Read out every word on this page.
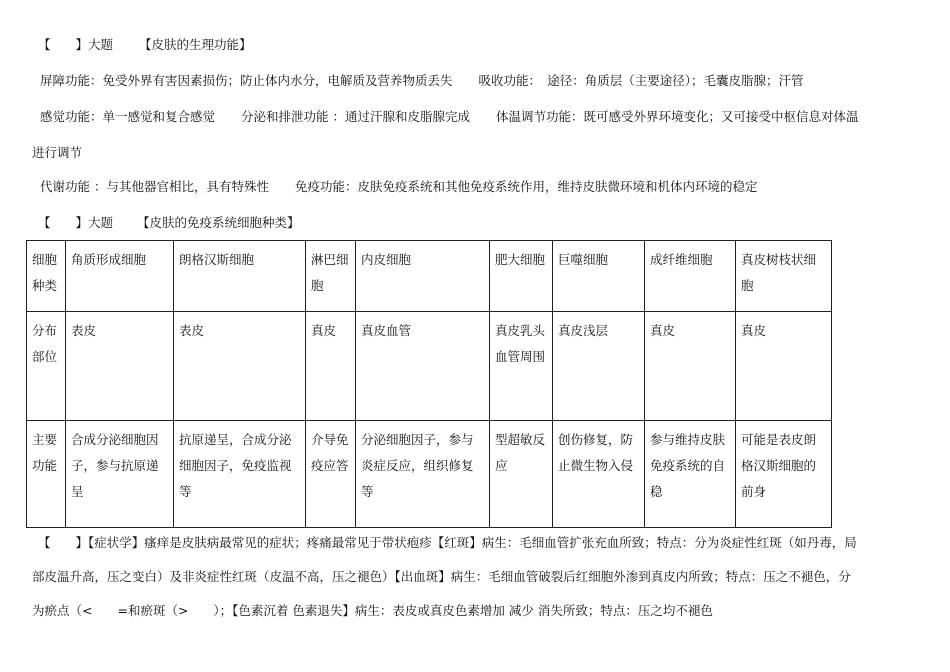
【　　】大题 【皮肤的生理功能】
屏障功能：免受外界有害因素损伤；防止体内水分，电解质及营养物质丢失 吸收功能：　途径：角质层（主要途径）；毛囊皮脂腺；汗管
感觉功能：单一感觉和复合感觉 分泌和排泄功能 ：通过汗腺和皮脂腺完成 体温调节功能：既可感受外界环境变化；又可接受中枢信息对体温
进行调节
代谢功能 ：与其他器官相比，具有特殊性 免疫功能：皮肤免疫系统和其他免疫系统作用，维持皮肤微环境和机体内环境的稳定
【　　】大题 【皮肤的免疫系统细胞种类】
细胞种类	角质形成细胞	朗格汉斯细胞	淋巴细胞	内皮细胞	肥大细胞	巨噬细胞	成纤维细胞	真皮树枝状细胞
分布部位	表皮	表皮	真皮	真皮血管	真皮乳头血管周围	真皮浅层	真皮	真皮
主要功能	合成分泌细胞因子，参与抗原递呈	抗原递呈，合成分泌细胞因子，免疫监视等	介导免疫应答	分泌细胞因子，参与炎症反应，组织修复等	型超敏反应	创伤修复，防止微生物入侵	参与维持皮肤免疫系统的自稳	可能是表皮朗格汉斯细胞的前身
【　　】【症状学】瘙痒是皮肤病最常见的症状；疼痛最常见于带状疱疹【红斑】病生：毛细血管扩张充血所致；特点：分为炎症性红斑（如丹毒，局
部皮温升高，压之变白）及非炎症性红斑（皮温不高，压之褪色）【出血斑】病生：毛细血管破裂后红细胞外渗到真皮内所致；特点：压之不褪色，分
为瘀点（<　　=和瘀斑（>　　）；【色素沉着 色素退失】病生：表皮或真皮色素增加 减少 消失所致；特点：压之均不褪色
